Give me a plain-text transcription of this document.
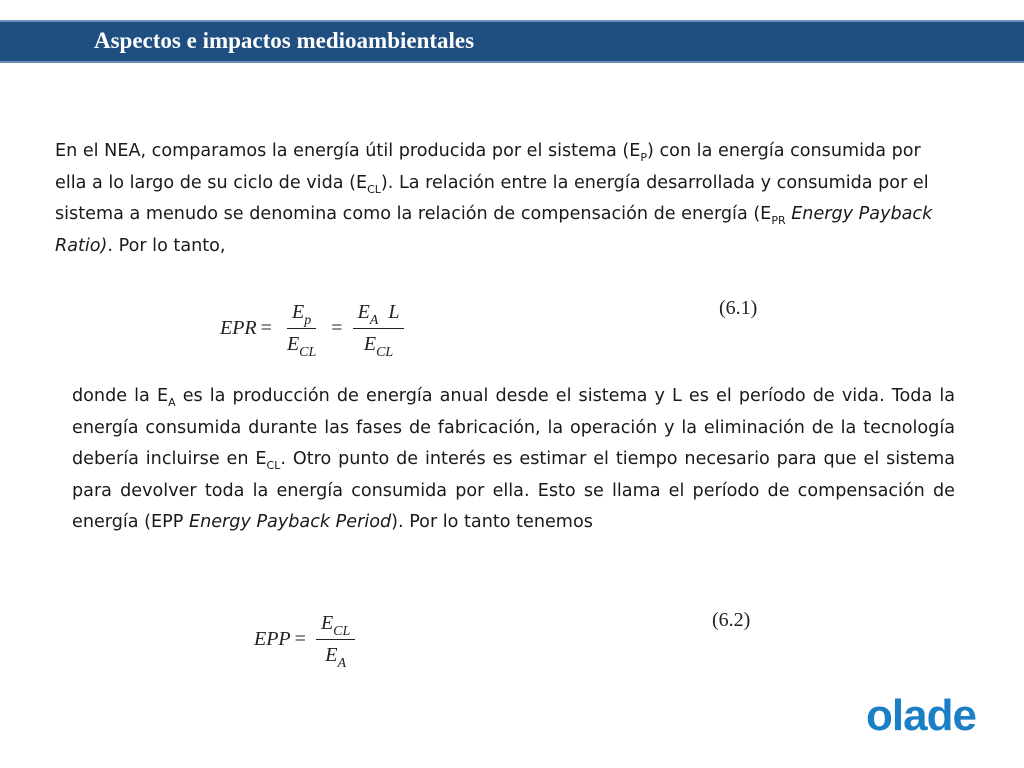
Aspectos e impactos medioambientales

En el NEA, comparamos la energía útil producida por el sistema $(E_P)$ con la energía consumida por ella a lo largo de su ciclo de vida $(E_{CL})$. La relación entre la energía desarrollada y consumida por el sistema a menudo se denomina como la relación de compensación de energía ($E_{PR}$ Energy Payback Ratio). Por lo tanto,

EPR = $\frac{E_p}{E_{CL}} = \frac{E_A L}{E_{CL}}$	(6.1)

donde la $E_A$ es la producción de energía anual desde el sistema y L es el período de vida. Toda la energía consumida durante las fases de fabricación, la operación y la eliminación de la tecnología debería incluirse en $E_{CL}$. Otro punto de interés es estimar el tiempo necesario para que el sistema para devolver toda la energía consumida por ella. Esto se llama el período de compensación de energía (EPP Energy Payback Period). Por lo tanto tenemos

EPP = $\frac{E_{CL}}{E_A}$	(6.2)
olade
